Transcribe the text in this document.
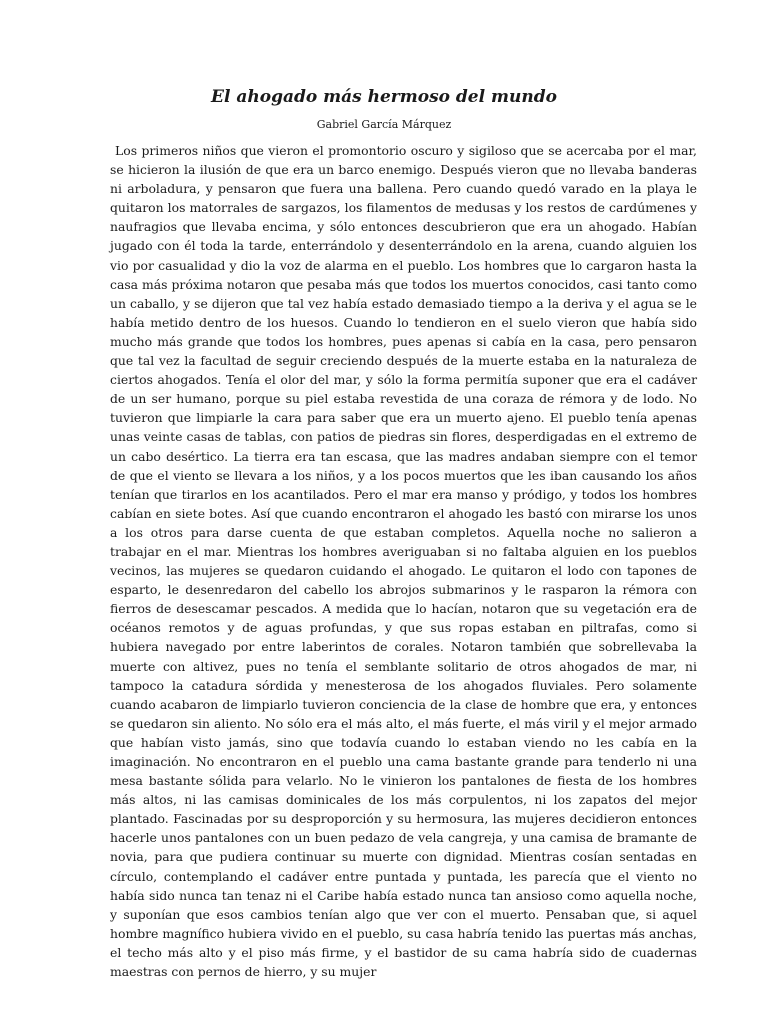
El ahogado más hermoso del mundo
Gabriel García Márquez

Los primeros niños que vieron el promontorio oscuro y sigiloso que se acercaba por el mar, se hicieron la ilusión de que era un barco enemigo. Después vieron que no llevaba banderas ni arboladura, y pensaron que fuera una ballena. Pero cuando quedó varado en la playa le quitaron los matorrales de sargazos, los filamentos de medusas y los restos de cardúmenes y naufragios que llevaba encima, y sólo entonces descubrieron que era un ahogado. Habían jugado con él toda la tarde, enterrándolo y desenterrándolo en la arena, cuando alguien los vio por casualidad y dio la voz de alarma en el pueblo. Los hombres que lo cargaron hasta la casa más próxima notaron que pesaba más que todos los muertos conocidos, casi tanto como un caballo, y se dijeron que tal vez había estado demasiado tiempo a la deriva y el agua se le había metido dentro de los huesos. Cuando lo tendieron en el suelo vieron que había sido mucho más grande que todos los hombres, pues apenas si cabía en la casa, pero pensaron que tal vez la facultad de seguir creciendo después de la muerte estaba en la naturaleza de ciertos ahogados. Tenía el olor del mar, y sólo la forma permitía suponer que era el cadáver de un ser humano, porque su piel estaba revestida de una coraza de rémora y de lodo. No tuvieron que limpiarle la cara para saber que era un muerto ajeno. El pueblo tenía apenas unas veinte casas de tablas, con patios de piedras sin flores, desperdigadas en el extremo de un cabo desértico. La tierra era tan escasa, que las madres andaban siempre con el temor de que el viento se llevara a los niños, y a los pocos muertos que les iban causando los años tenían que tirarlos en los acantilados. Pero el mar era manso y pródigo, y todos los hombres cabían en siete botes. Así que cuando encontraron el ahogado les bastó con mirarse los unos a los otros para darse cuenta de que estaban completos. Aquella noche no salieron a trabajar en el mar. Mientras los hombres averiguaban si no faltaba alguien en los pueblos vecinos, las mujeres se quedaron cuidando el ahogado. Le quitaron el lodo con tapones de esparto, le desenredaron del cabello los abrojos submarinos y le rasparon la rémora con fierros de desescamar pescados. A medida que lo hacían, notaron que su vegetación era de océanos remotos y de aguas profundas, y que sus ropas estaban en piltrafas, como si hubiera navegado por entre laberintos de corales. Notaron también que sobrellevaba la muerte con altivez, pues no tenía el semblante solitario de otros ahogados de mar, ni tampoco la catadura sórdida y menesterosa de los ahogados fluviales. Pero solamente cuando acabaron de limpiarlo tuvieron conciencia de la clase de hombre que era, y entonces se quedaron sin aliento. No sólo era el más alto, el más fuerte, el más viril y el mejor armado que habían visto jamás, sino que todavía cuando lo estaban viendo no les cabía en la imaginación. No encontraron en el pueblo una cama bastante grande para tenderlo ni una mesa bastante sólida para velarlo. No le vinieron los pantalones de fiesta de los hombres más altos, ni las camisas dominicales de los más corpulentos, ni los zapatos del mejor plantado. Fascinadas por su desproporción y su hermosura, las mujeres decidieron entonces hacerle unos pantalones con un buen pedazo de vela cangreja, y una camisa de bramante de novia, para que pudiera continuar su muerte con dignidad. Mientras cosían sentadas en círculo, contemplando el cadáver entre puntada y puntada, les parecía que el viento no había sido nunca tan tenaz ni el Caribe había estado nunca tan ansioso como aquella noche, y suponían que esos cambios tenían algo que ver con el muerto. Pensaban que, si aquel hombre magnífico hubiera vivido en el pueblo, su casa habría tenido las puertas más anchas, el techo más alto y el piso más firme, y el bastidor de su cama habría sido de cuadernas maestras con pernos de hierro, y su mujer
